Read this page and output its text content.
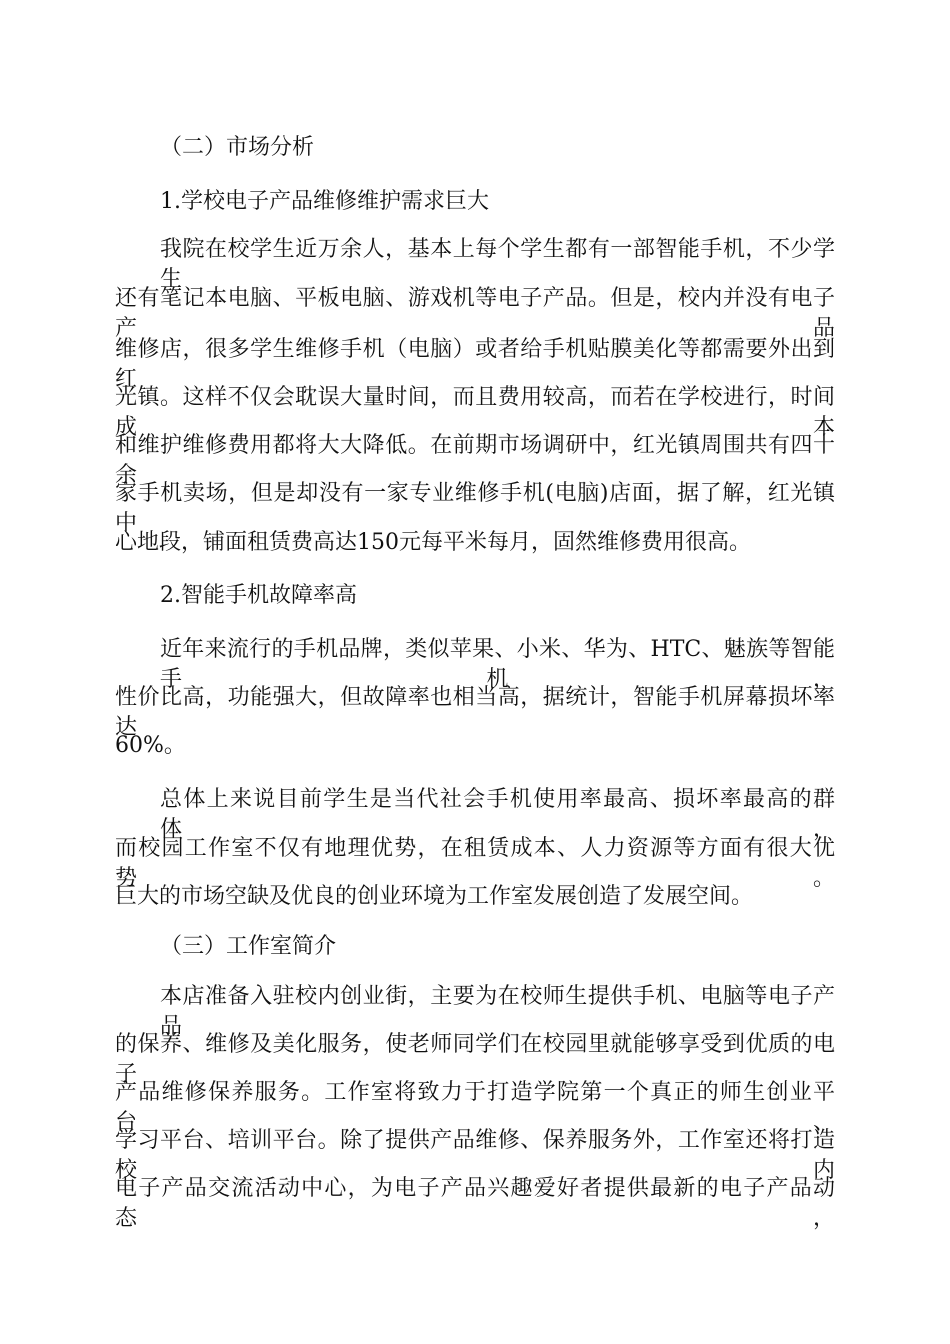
（二）市场分析
1.学校电子产品维修维护需求巨大
我院在校学生近万余人，基本上每个学生都有一部智能手机，不少学生
还有笔记本电脑、平板电脑、游戏机等电子产品。但是，校内并没有电子产品
维修店，很多学生维修手机（电脑）或者给手机贴膜美化等都需要外出到红
光镇。这样不仅会耽误大量时间，而且费用较高，而若在学校进行，时间成本
和维护维修费用都将大大降低。在前期市场调研中，红光镇周围共有四十余
家手机卖场，但是却没有一家专业维修手机(电脑)店面，据了解，红光镇中
心地段，铺面租赁费高达150元每平米每月，固然维修费用很高。
2.智能手机故障率高
近年来流行的手机品牌，类似苹果、小米、华为、HTC、魅族等智能手机，
性价比高，功能强大，但故障率也相当高，据统计，智能手机屏幕损坏率达
60%。
总体上来说目前学生是当代社会手机使用率最高、损坏率最高的群体，
而校园工作室不仅有地理优势，在租赁成本、人力资源等方面有很大优势。
巨大的市场空缺及优良的创业环境为工作室发展创造了发展空间。
（三）工作室简介
本店准备入驻校内创业街，主要为在校师生提供手机、电脑等电子产品
的保养、维修及美化服务，使老师同学们在校园里就能够享受到优质的电子
产品维修保养服务。工作室将致力于打造学院第一个真正的师生创业平台、
学习平台、培训平台。除了提供产品维修、保养服务外，工作室还将打造校内
电子产品交流活动中心，为电子产品兴趣爱好者提供最新的电子产品动态，
